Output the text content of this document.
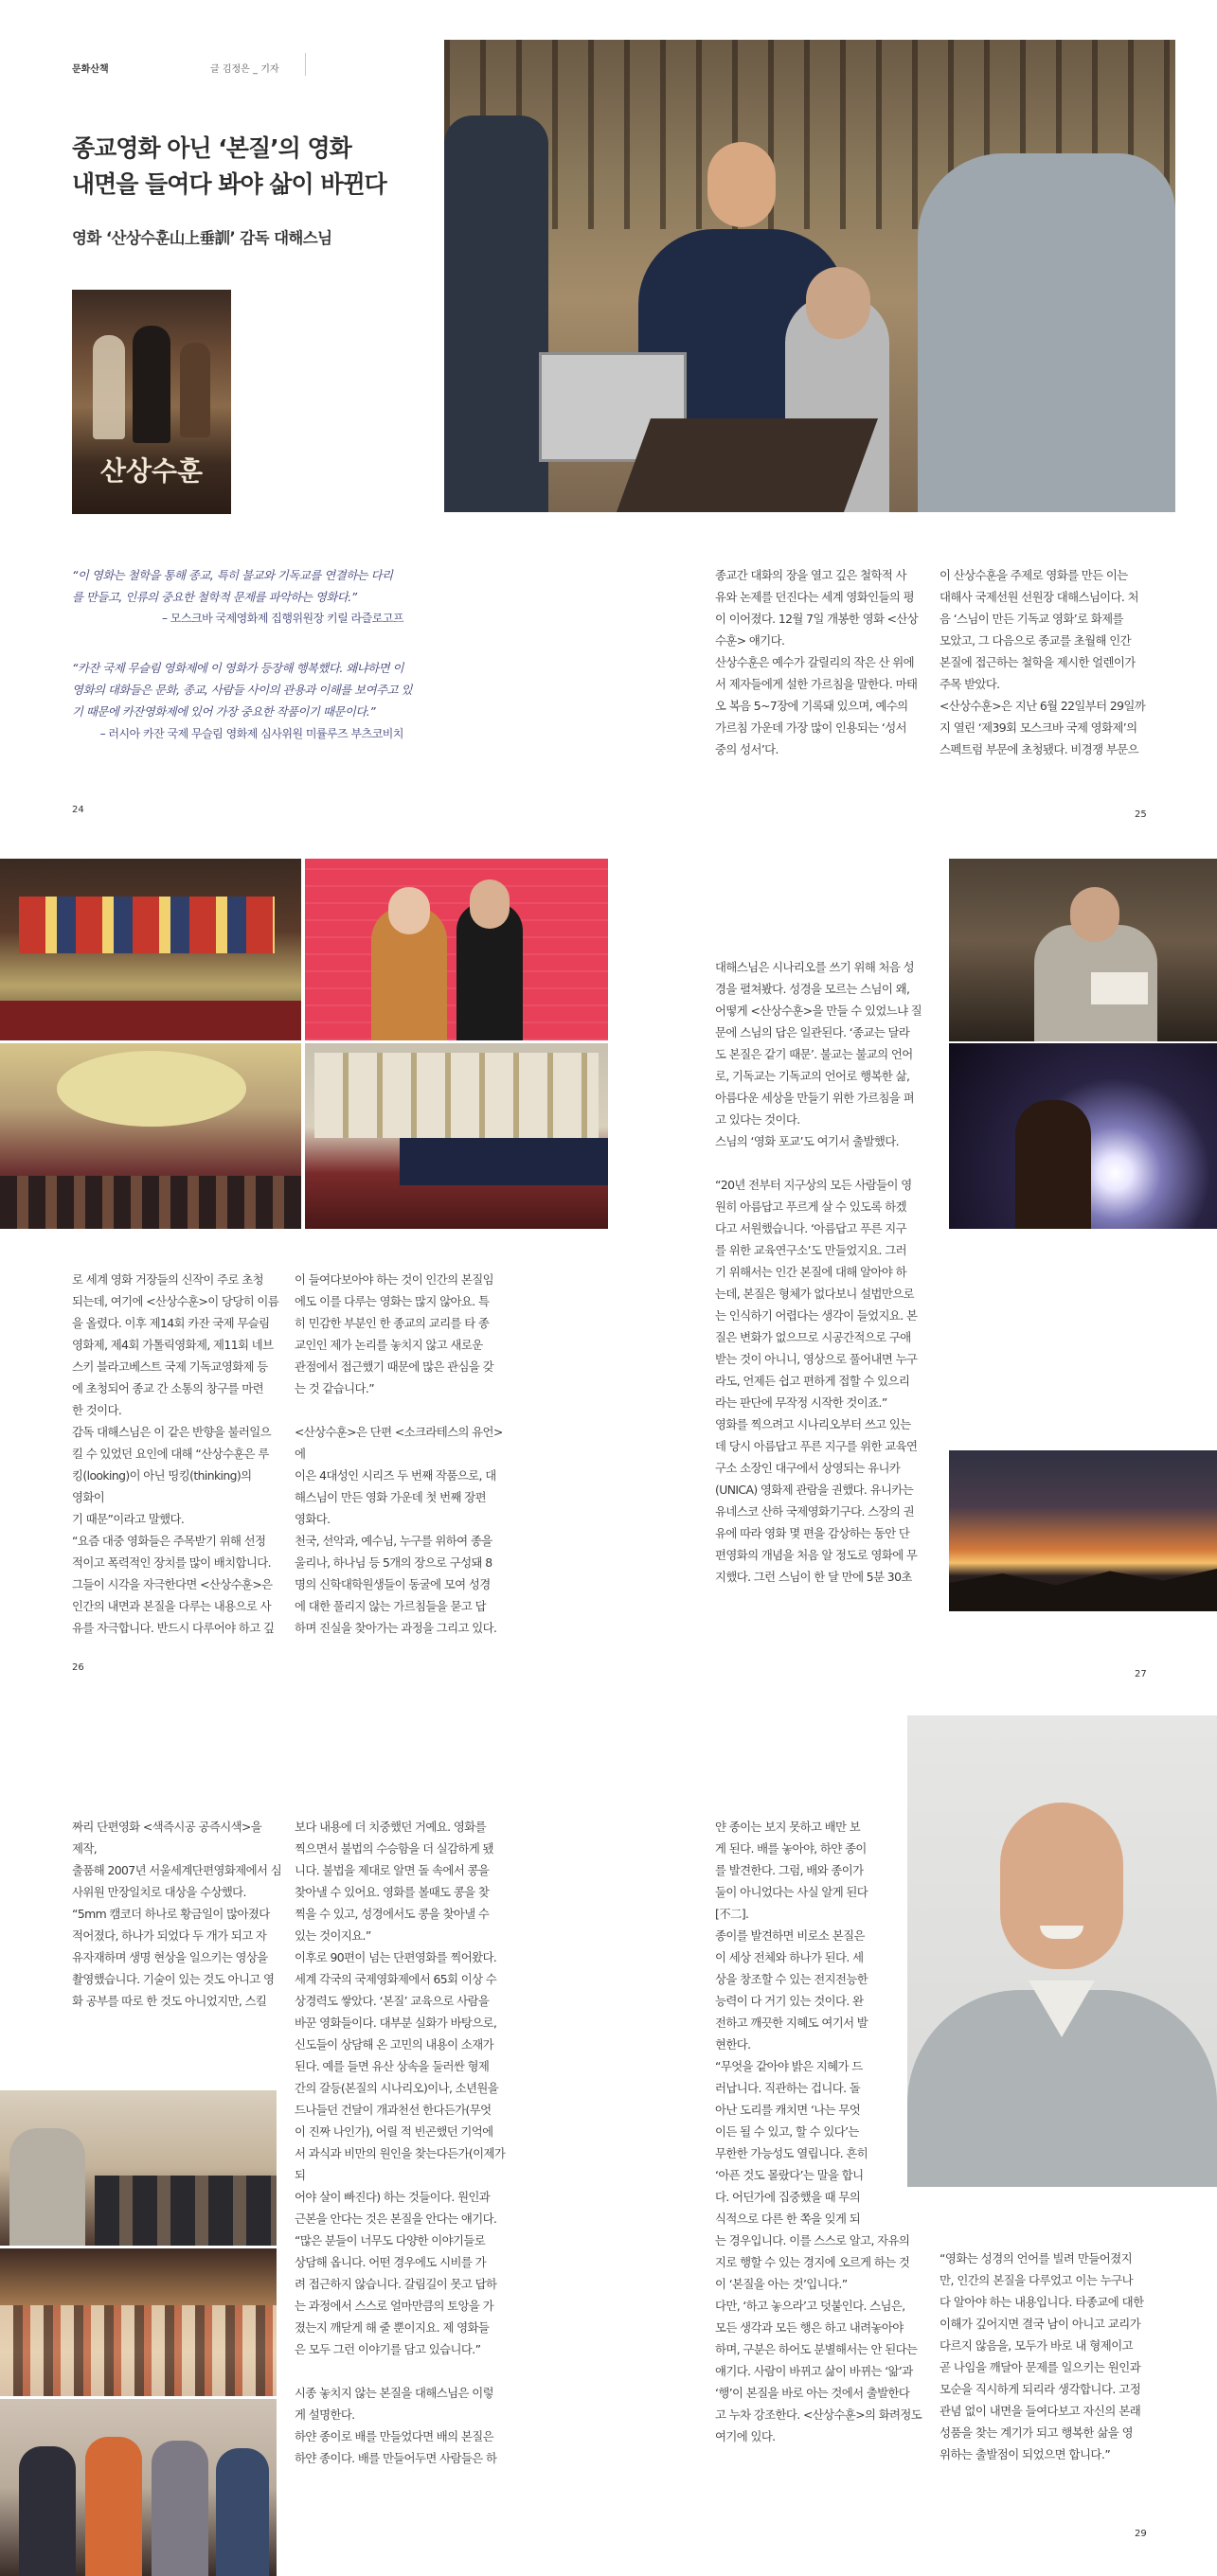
문화산책	글 김정은 _ 기자
종교영화 아닌 ‘본질’의 영화
내면을 들여다 봐야 삶이 바뀐다
영화 ‘산상수훈山上垂訓’ 감독 대해스님
산상수훈
“이 영화는 철학을 통해 종교, 특히 불교와 기독교를 연결하는 다리
를 만들고, 인류의 중요한 철학적 문제를 파악하는 영화다.”
– 모스크바 국제영화제 집행위원장 키릴 라즐로고프
“카잔 국제 무슬림 영화제에 이 영화가 등장해 행복했다. 왜냐하면 이
영화의 대화들은 문화, 종교, 사람들 사이의 관용과 이해를 보여주고 있
기 때문에 카잔영화제에 있어 가장 중요한 작품이기 때문이다.”
– 러시아 카잔 국제 무슬림 영화제 심사위원 미률루즈 부츠코비치
24
종교간 대화의 장을 열고 깊은 철학적 사
유와 논제를 던진다는 세계 영화인들의 평
이 이어졌다. 12월 7일 개봉한 영화 <산상
수훈> 얘기다.
산상수훈은 예수가 갈릴리의 작은 산 위에
서 제자들에게 설한 가르침을 말한다. 마태
오 복음 5~7장에 기록돼 있으며, 예수의
가르침 가운데 가장 많이 인용되는 ‘성서
중의 성서’다.
이 산상수훈을 주제로 영화를 만든 이는
대해사 국제선원 선원장 대해스님이다. 처
음 ‘스님이 만든 기독교 영화’로 화제를
모았고, 그 다음으로 종교를 초월해 인간
본질에 접근하는 철학을 제시한 얼렌이가
주목 받았다.
<산상수훈>은 지난 6월 22일부터 29일까
지 열린 ‘제39회 모스크바 국제 영화제’의
스펙트럼 부문에 초청됐다. 비경쟁 부문으
25
로 세계 영화 거장들의 신작이 주로 초청
되는데, 여기에 <산상수훈>이 당당히 이름
을 올렸다. 이후 제14회 카잔 국제 무슬림
영화제, 제4회 가톨릭영화제, 제11회 네브
스키 블라고베스트 국제 기독교영화제 등
에 초청되어 종교 간 소통의 창구를 마련
한 것이다.
감독 대해스님은 이 같은 반향을 불러일으
킬 수 있었던 요인에 대해 “산상수훈은 루
킹(looking)이 아닌 띵킹(thinking)의 영화이
기 때문”이라고 말했다.
“요즘 대중 영화들은 주목받기 위해 선정
적이고 폭력적인 장치를 많이 배치합니다.
그들이 시각을 자극한다면 <산상수훈>은
인간의 내면과 본질을 다루는 내용으로 사
유를 자극합니다. 반드시 다루어야 하고 깊
이 들여다보아야 하는 것이 인간의 본질임
에도 이를 다루는 영화는 많지 않아요. 특
히 민감한 부분인 한 종교의 교리를 타 종
교인인 제가 논리를 놓치지 않고 새로운
관점에서 접근했기 때문에 많은 관심을 갖
는 것 같습니다.”

<산상수훈>은 단편 <소크라테스의 유언>에
이은 4대성인 시리즈 두 번째 작품으로, 대
해스님이 만든 영화 가운데 첫 번째 장편
영화다.
천국, 선악과, 예수님, 누구를 위하여 종을
울리나, 하나님 등 5개의 장으로 구성돼 8
명의 신학대학원생들이 동굴에 모여 성경
에 대한 풀리지 않는 가르침들을 묻고 답
하며 진실을 찾아가는 과정을 그리고 있다.
26
대해스님은 시나리오를 쓰기 위해 처음 성
경을 펼쳐봤다. 성경을 모르는 스님이 왜,
어떻게 <산상수훈>을 만들 수 있었느냐 질
문에 스님의 답은 일관된다. ‘종교는 달라
도 본질은 같기 때문’. 불교는 불교의 언어
로, 기독교는 기독교의 언어로 행복한 삶,
아름다운 세상을 만들기 위한 가르침을 펴
고 있다는 것이다.
스님의 ‘영화 포교’도 여기서 출발했다.

“20년 전부터 지구상의 모든 사람들이 영
원히 아름답고 푸르게 살 수 있도록 하겠
다고 서원했습니다. ‘아름답고 푸른 지구
를 위한 교육연구소’도 만들었지요. 그러
기 위해서는 인간 본질에 대해 알아야 하
는데, 본질은 형체가 없다보니 설법만으로
는 인식하기 어렵다는 생각이 들었지요. 본
질은 변화가 없으므로 시공간적으로 구애
받는 것이 아니니, 영상으로 풀어내면 누구
라도, 언제든 쉽고 편하게 접할 수 있으리
라는 판단에 무작정 시작한 것이죠.”
영화를 찍으려고 시나리오부터 쓰고 있는
데 당시 아름답고 푸른 지구를 위한 교육연
구소 소장인 대구에서 상영되는 유니카
(UNICA) 영화제 관람을 권했다. 유니카는
유네스코 산하 국제영화기구다. 스장의 권
유에 따라 영화 몇 편을 감상하는 동안 단
편영화의 개념을 처음 알 정도로 영화에 무
지했다. 그런 스님이 한 달 만에 5분 30초
27
짜리 단편영화 <색즉시공 공즉시색>을 제작,
출품해 2007년 서울세계단편영화제에서 심
사위원 만장일치로 대상을 수상했다.
“5mm 캠코더 하나로 황금일이 많아졌다
적어졌다, 하나가 되었다 두 개가 되고 자
유자재하며 생명 현상을 일으키는 영상을
촬영했습니다. 기술이 있는 것도 아니고 영
화 공부를 따로 한 것도 아니었지만, 스킬
보다 내용에 더 치중했던 거예요. 영화를
찍으면서 불법의 수승함을 더 실감하게 됐
니다. 불법을 제대로 알면 돌 속에서 콩을
찾아낼 수 있어요. 영화를 볼때도 콩을 찾
찍을 수 있고, 성경에서도 콩을 찾아낼 수
있는 것이지요.”
이후로 90편이 넘는 단편영화를 찍어왔다.
세계 각국의 국제영화제에서 65회 이상 수
상경력도 쌓았다. ‘본질’ 교육으로 사람을
바꾼 영화들이다. 대부분 실화가 바탕으로,
신도들이 상담해 온 고민의 내용이 소재가
된다. 예를 들면 유산 상속을 둘러싼 형제
간의 갈등(본질의 시나리오)이나, 소년원을
드나들던 건달이 개과천선 한다든가(무엇
이 진짜 나인가), 어릴 적 빈곤했던 기억에
서 과식과 비만의 원인을 찾는다든가(이제가 되
어야 살이 빠진다) 하는 것들이다. 원인과
근본을 안다는 것은 본질을 안다는 얘기다.
“많은 분들이 너무도 다양한 이야기들로
상담해 옵니다. 어떤 경우에도 시비를 가
려 접근하지 않습니다. 갈림길이 못고 답하
는 과정에서 스스로 얼마만큼의 토앙을 가
졌는지 깨닫게 해 줄 뿐이지요. 제 영화들
은 모두 그런 이야기를 담고 있습니다.”

시종 놓치지 않는 본질을 대해스님은 이렇
게 설명한다.
하얀 종이로 배를 만들었다면 배의 본질은
하얀 종이다. 배를 만들어두면 사람들은 하
얀 종이는 보지 못하고 배만 보
게 된다. 배를 놓아야, 하얀 종이
를 발견한다. 그럼, 배와 종이가
둘이 아니었다는 사실 알게 된다
[不二].
종이를 발견하면 비로소 본질은
이 세상 전체와 하나가 된다. 세
상을 창조할 수 있는 전지전능한
능력이 다 거기 있는 것이다. 완
전하고 깨끗한 지혜도 여기서 발
현한다.
“무엇을 같아야 밝은 지혜가 드
러납니다. 직관하는 겁니다. 돌
아난 도리를 캐치면 ‘나는 무엇
이든 될 수 있고, 할 수 있다’는
무한한 가능성도 열립니다. 흔히
‘아픈 것도 몰랐다’는 말을 합니
다. 어딘가에 집중했을 때 무의
식적으로 다른 한 쪽을 잊게 되
는 경우입니다. 이를 스스로 알고, 자유의
지로 행할 수 있는 경지에 오르게 하는 것
이 ‘본질을 아는 것’입니다.”
다만, ‘하고 놓으라’고 덧붙인다. 스님은,
모든 생각과 모든 행은 하고 내려놓아야
하며, 구분은 하어도 분별해서는 안 된다는
얘기다. 사람이 바뀌고 삶이 바뀌는 ‘앎’과
‘행’이 본질을 바로 아는 것에서 출발한다
고 누차 강조한다. <산상수훈>의 화려정도
여기에 있다.
“영화는 성경의 언어를 빌려 만들어졌지
만, 인간의 본질을 다루었고 이는 누구나
다 알아야 하는 내용입니다. 타종교에 대한
이해가 깊어지면 결국 남이 아니고 교리가
다르지 않음을, 모두가 바로 내 형제이고
곧 나임을 깨달아 문제를 일으키는 원인과
모순을 직시하게 되리라 생각합니다. 고정
관념 없이 내면을 들여다보고 자신의 본래
성품을 찾는 계기가 되고 행복한 삶을 영
위하는 출발점이 되었으면 합니다.”
29
